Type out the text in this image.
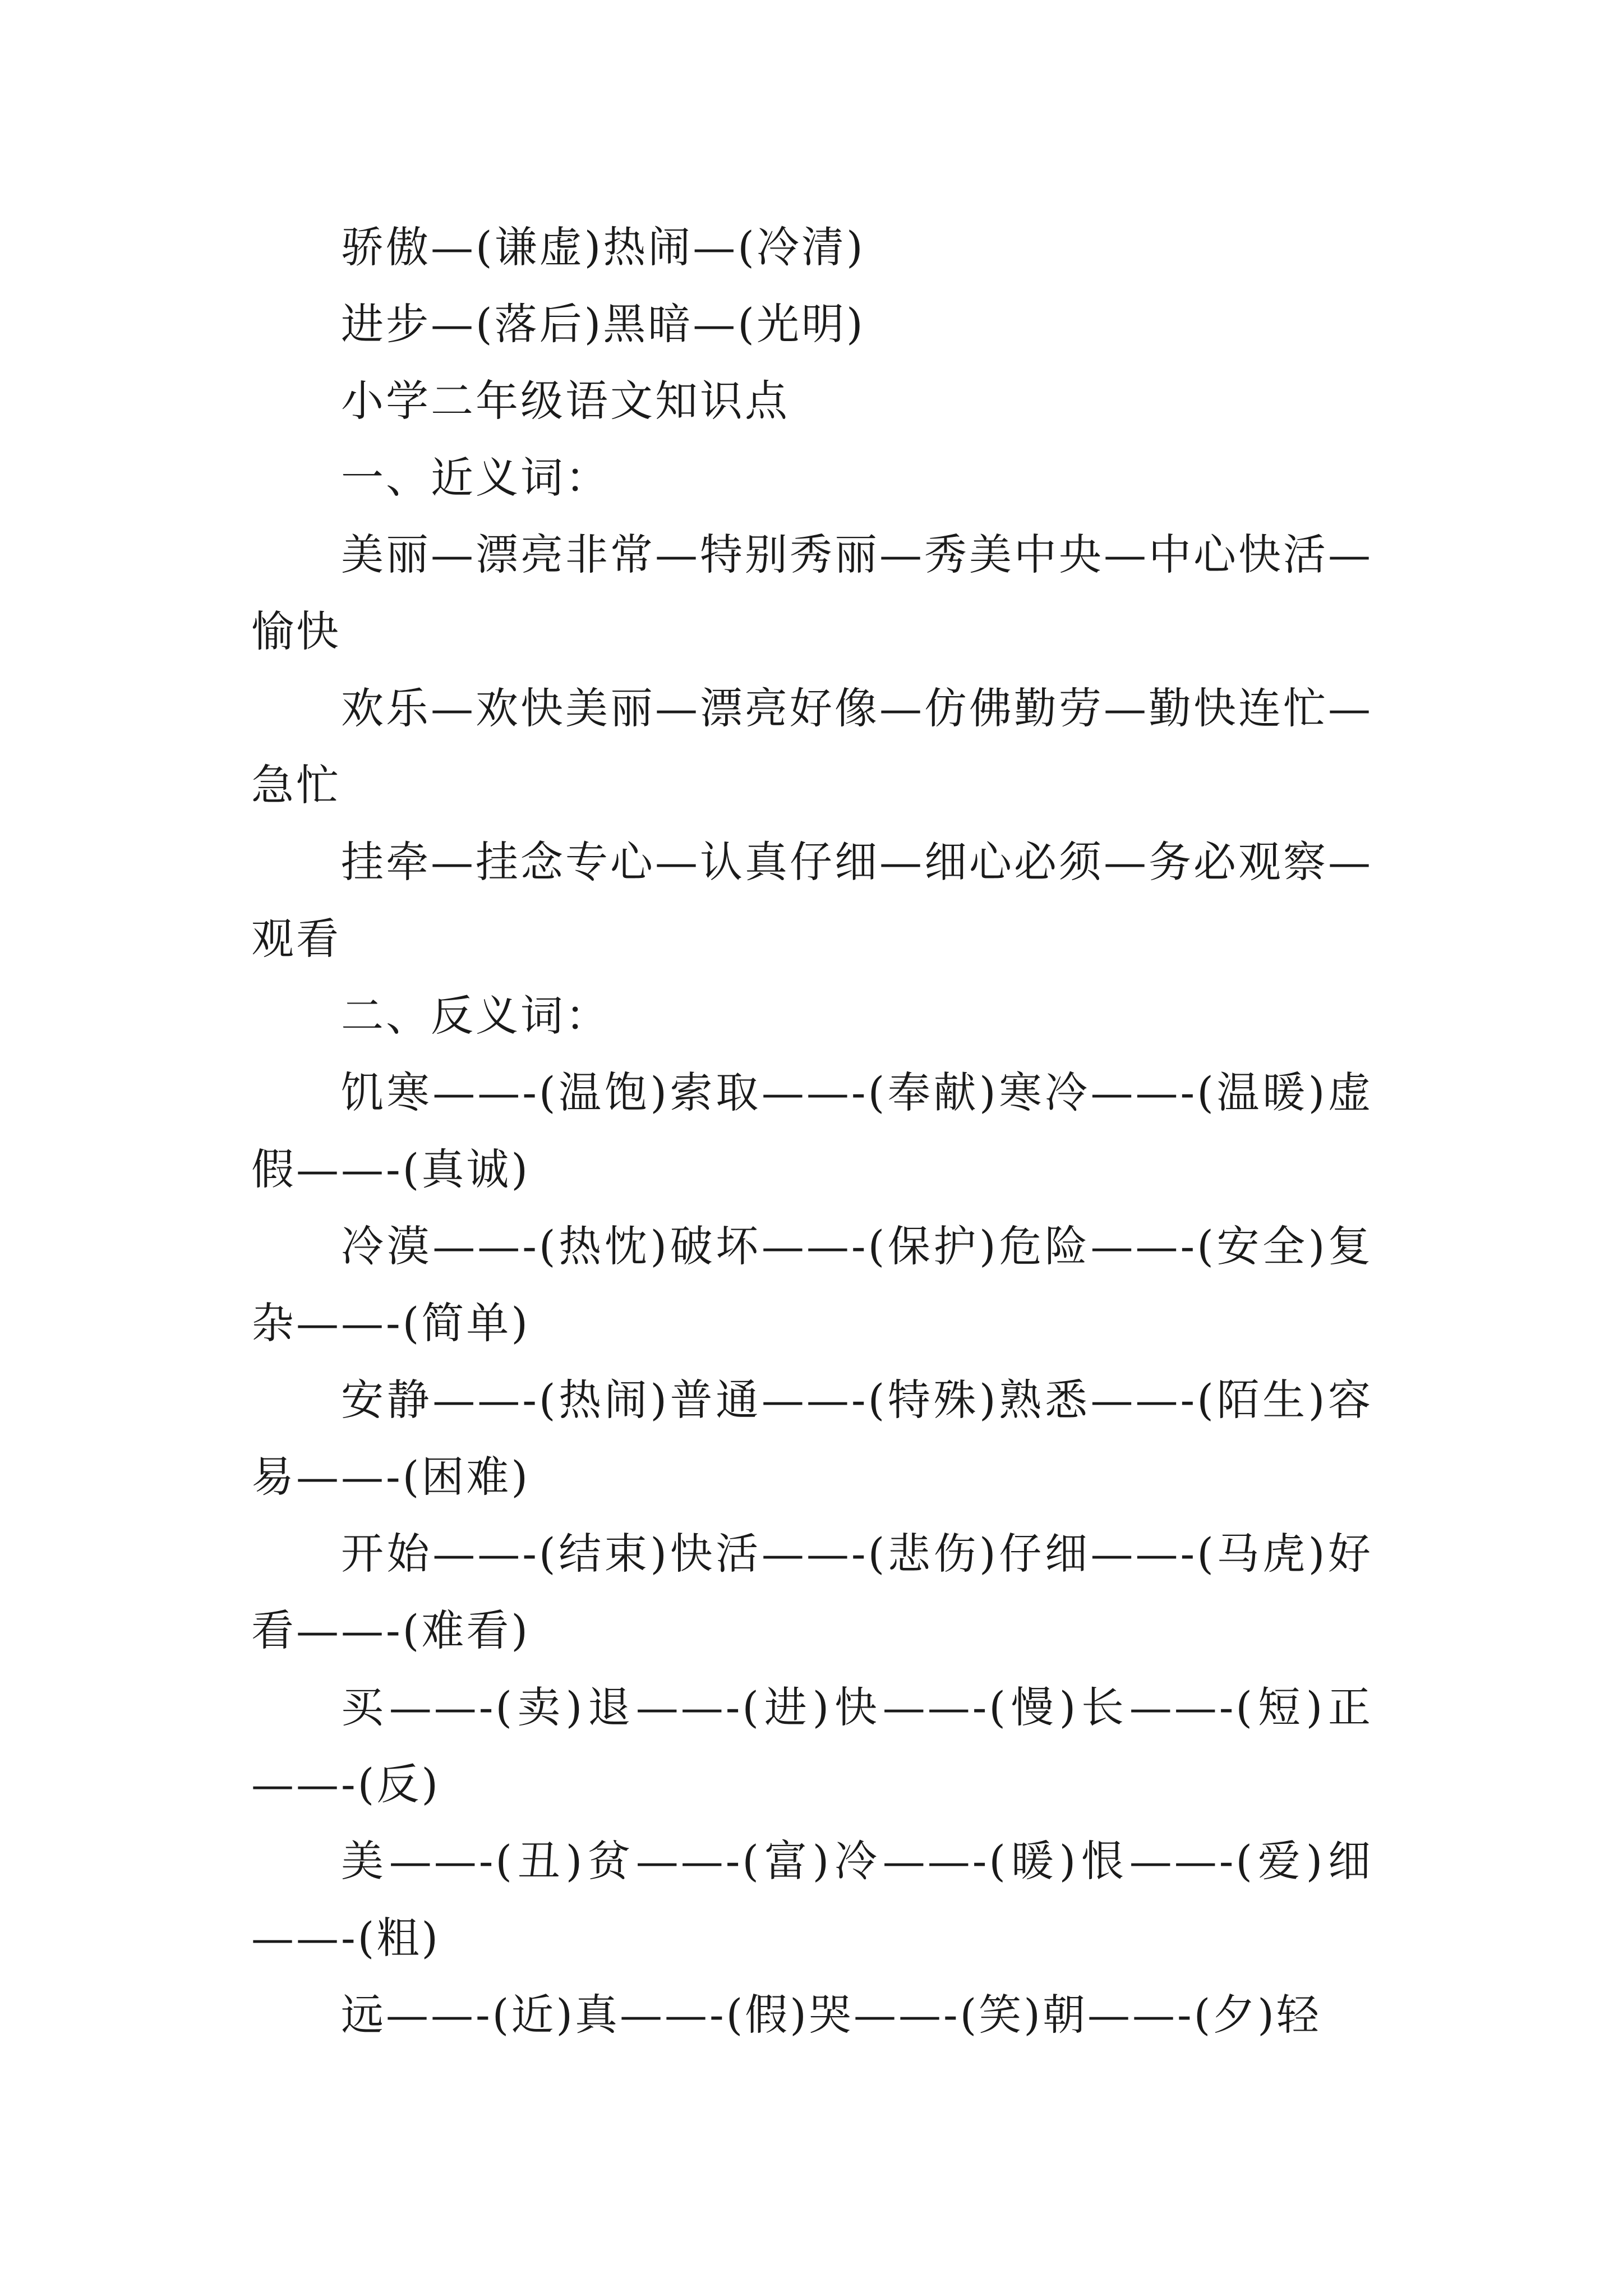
骄傲—(谦虚)热闹—(冷清)

进步—(落后)黑暗—(光明)

小学二年级语文知识点

一、近义词：

美丽—漂亮非常—特别秀丽—秀美中央—中心快活—愉快

欢乐—欢快美丽—漂亮好像—仿佛勤劳—勤快连忙—急忙

挂牵—挂念专心—认真仔细—细心必须—务必观察—观看

二、反义词：

饥寒——-(温饱)索取——-(奉献)寒冷——-(温暖)虚假——-(真诚)

冷漠——-(热忱)破坏——-(保护)危险——-(安全)复杂——-(简单)

安静——-(热闹)普通——-(特殊)熟悉——-(陌生)容易——-(困难)

开始——-(结束)快活——-(悲伤)仔细——-(马虎)好看——-(难看)

买——-(卖)退——-(进)快——-(慢)长——-(短)正——-(反)

美——-(丑)贫——-(富)冷——-(暖)恨——-(爱)细——-(粗)

远——-(近)真——-(假)哭——-(笑)朝——-(夕)轻
